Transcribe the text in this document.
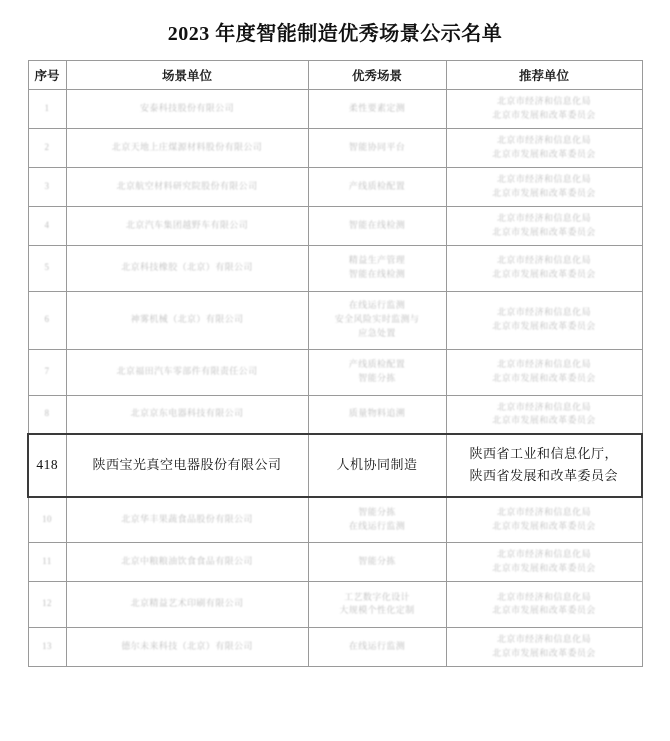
2023 年度智能制造优秀场景公示名单
序号	场景单位	优秀场景	推荐单位

1	安泰科技股份有限公司	柔性要素定测	北京市经济和信息化局
北京市发展和改革委员会

2	北京天地上庄煤源材料股份有限公司	智能协同平台	北京市经济和信息化局
北京市发展和改革委员会

3	北京航空材料研究院股份有限公司	产线质检配置	北京市经济和信息化局
北京市发展和改革委员会

4	北京汽车集团越野车有限公司	智能在线检测	北京市经济和信息化局
北京市发展和改革委员会

5	北京科技橡胶（北京）有限公司	精益生产管理
智能在线检测	北京市经济和信息化局
北京市发展和改革委员会

6	神雾机械（北京）有限公司	在线运行监测
安全风险实时监测与
应急处置	北京市经济和信息化局
北京市发展和改革委员会

7	北京福田汽车零部件有限责任公司	产线质检配置
智能分拣	北京市经济和信息化局
北京市发展和改革委员会

8	北京京东电器科技有限公司	质量物料追溯	北京市经济和信息化局
北京市发展和改革委员会

418	陕西宝光真空电器股份有限公司	人机协同制造	陕西省工业和信息化厅，
陕西省发展和改革委员会

10	北京华丰果蔬食品股份有限公司	智能分拣
在线运行监测	北京市经济和信息化局
北京市发展和改革委员会

11	北京中粮粮油饮食食品有限公司	智能分拣	北京市经济和信息化局
北京市发展和改革委员会

12	北京精益艺术印刷有限公司	工艺数字化设计
大规模个性化定制	北京市经济和信息化局
北京市发展和改革委员会

13	德尔未来科技（北京）有限公司	在线运行监测	北京市经济和信息化局
北京市发展和改革委员会
